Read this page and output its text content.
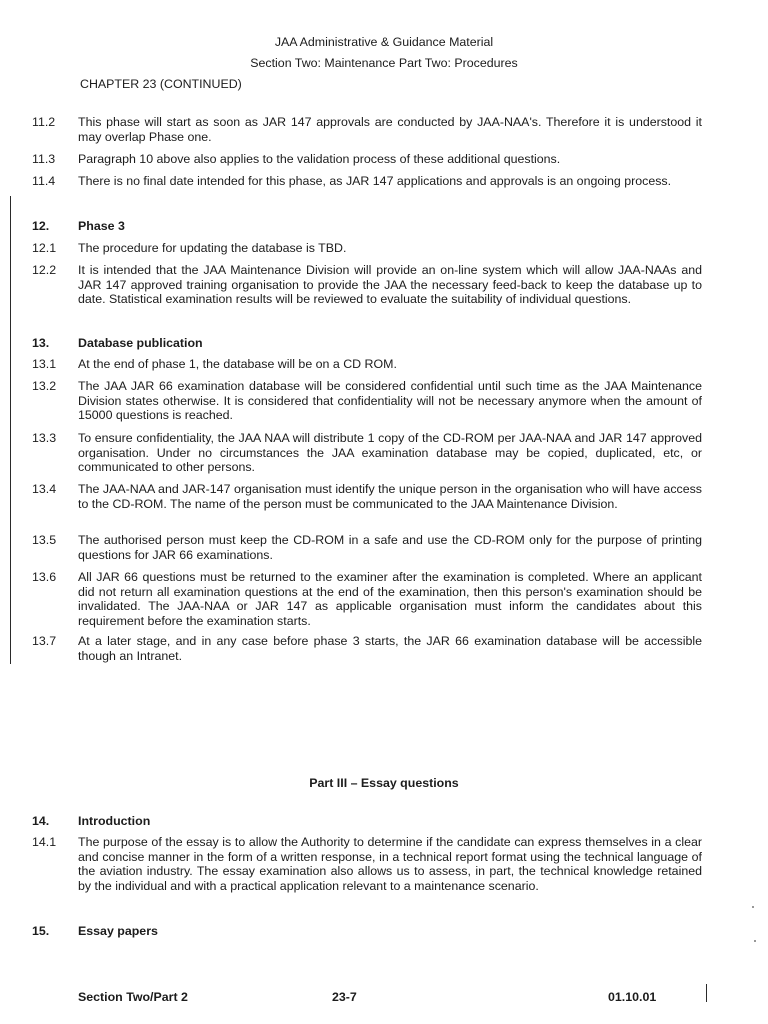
JAA Administrative & Guidance Material
Section Two: Maintenance Part Two: Procedures
CHAPTER 23 (CONTINUED)
11.2	This phase will start as soon as JAR 147 approvals are conducted by JAA-NAA's. Therefore it is understood it may overlap Phase one.
11.3	Paragraph 10 above also applies to the validation process of these additional questions.
11.4	There is no final date intended for this phase, as JAR 147 applications and approvals is an ongoing process.
12.	Phase 3
12.1	The procedure for updating the database is TBD.
12.2	It is intended that the JAA Maintenance Division will provide an on-line system which will allow JAA-NAAs and JAR 147 approved training organisation to provide the JAA the necessary feed-back to keep the database up to date. Statistical examination results will be reviewed to evaluate the suitability of individual questions.
13.	Database publication
13.1	At the end of phase 1, the database will be on a CD ROM.
13.2	The JAA JAR 66 examination database will be considered confidential until such time as the JAA Maintenance Division states otherwise. It is considered that confidentiality will not be necessary anymore when the amount of 15000 questions is reached.
13.3	To ensure confidentiality, the JAA NAA will distribute 1 copy of the CD-ROM per JAA-NAA and JAR 147 approved organisation. Under no circumstances the JAA examination database may be copied, duplicated, etc, or communicated to other persons.
13.4	The JAA-NAA and JAR-147 organisation must identify the unique person in the organisation who will have access to the CD-ROM. The name of the person must be communicated to the JAA Maintenance Division.
13.5	The authorised person must keep the CD-ROM in a safe and use the CD-ROM only for the purpose of printing questions for JAR 66 examinations.
13.6	All JAR 66 questions must be returned to the examiner after the examination is completed. Where an applicant did not return all examination questions at the end of the examination, then this person's examination should be invalidated. The JAA-NAA or JAR 147 as applicable organisation must inform the candidates about this requirement before the examination starts.
13.7	At a later stage, and in any case before phase 3 starts, the JAR 66 examination database will be accessible though an Intranet.
Part III – Essay questions
14.	Introduction
14.1	The purpose of the essay is to allow the Authority to determine if the candidate can express themselves in a clear and concise manner in the form of a written response, in a technical report format using the technical language of the aviation industry. The essay examination also allows us to assess, in part, the technical knowledge retained by the individual and with a practical application relevant to a maintenance scenario.
15.	Essay papers
Section Two/Part 2	23-7	01.10.01
